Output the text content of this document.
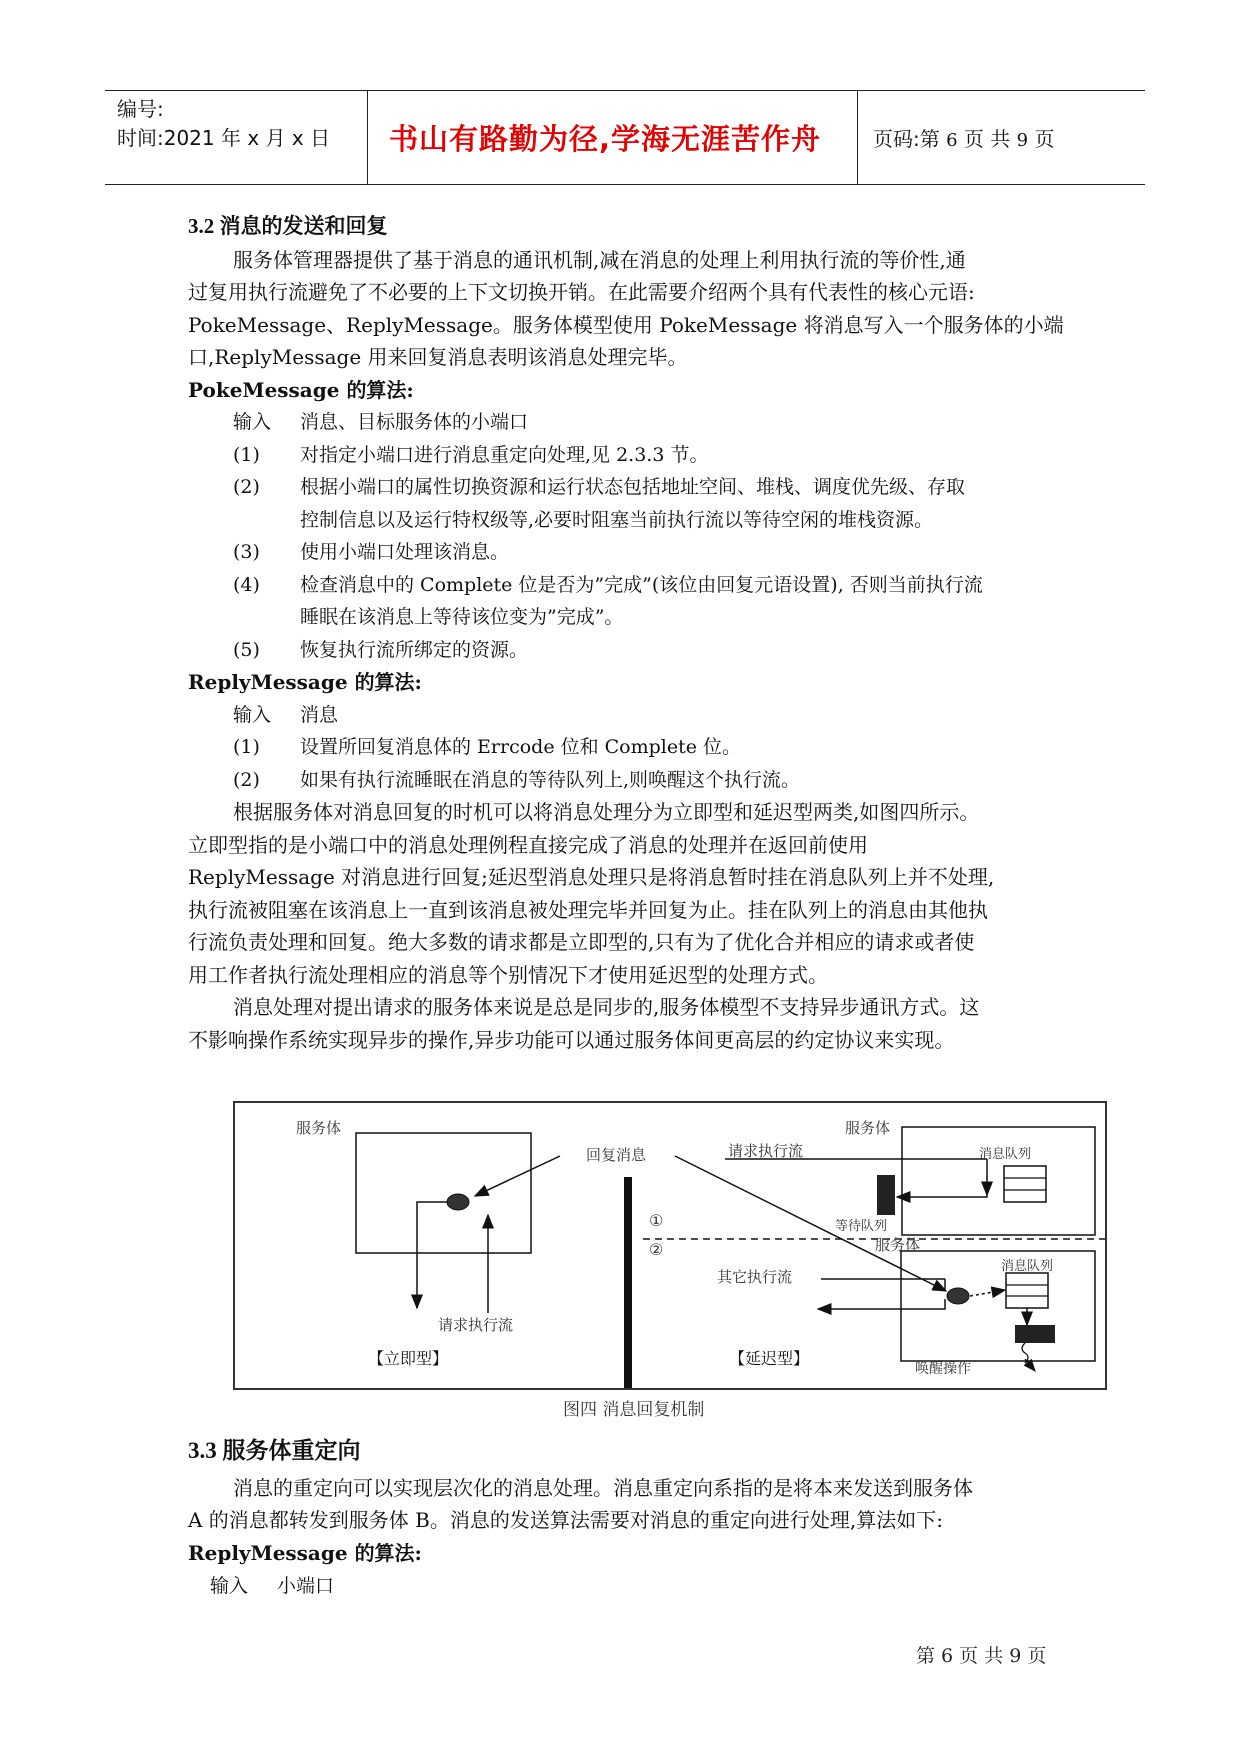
编号:
时间:2021 年 x 月 x 日	书山有路勤为径,学海无涯苦作舟	页码:第 6 页 共 9 页
3.2 消息的发送和回复
服务体管理器提供了基于消息的通讯机制,减在消息的处理上利用执行流的等价性,通
过复用执行流避免了不必要的上下文切换开销。在此需要介绍两个具有代表性的核心元语:
PokeMessage、ReplyMessage。服务体模型使用 PokeMessage 将消息写入一个服务体的小端
口,ReplyMessage 用来回复消息表明该消息处理完毕。
PokeMessage 的算法:
输入 消息、目标服务体的小端口
(1) 对指定小端口进行消息重定向处理,见 2.3.3 节。
(2) 根据小端口的属性切换资源和运行状态包括地址空间、堆栈、调度优先级、存取
控制信息以及运行特权级等,必要时阻塞当前执行流以等待空闲的堆栈资源。
(3) 使用小端口处理该消息。
(4) 检查消息中的 Complete 位是否为”完成”(该位由回复元语设置), 否则当前执行流
睡眠在该消息上等待该位变为”完成”。
(5) 恢复执行流所绑定的资源。
ReplyMessage 的算法:
输入 消息
(1) 设置所回复消息体的 Errcode 位和 Complete 位。
(2) 如果有执行流睡眠在消息的等待队列上,则唤醒这个执行流。
根据服务体对消息回复的时机可以将消息处理分为立即型和延迟型两类,如图四所示。
立即型指的是小端口中的消息处理例程直接完成了消息的处理并在返回前使用
ReplyMessage 对消息进行回复;延迟型消息处理只是将消息暂时挂在消息队列上并不处理,
执行流被阻塞在该消息上一直到该消息被处理完毕并回复为止。挂在队列上的消息由其他执
行流负责处理和回复。绝大多数的请求都是立即型的,只有为了优化合并相应的请求或者使
用工作者执行流处理相应的消息等个别情况下才使用延迟型的处理方式。
消息处理对提出请求的服务体来说是总是同步的,服务体模型不支持异步通讯方式。这
不影响操作系统实现异步的操作,异步功能可以通过服务体间更高层的约定协议来实现。
服务体
回复消息
请求执行流
【立即型】
服务体
请求执行流	消息队列
等待队列
①
②	服务体
其它执行流
消息队列
【延迟型】
唤醒操作
图四 消息回复机制
3.3 服务体重定向
消息的重定向可以实现层次化的消息处理。消息重定向系指的是将本来发送到服务体
A 的消息都转发到服务体 B。消息的发送算法需要对消息的重定向进行处理,算法如下:
ReplyMessage 的算法:
输入 小端口
第 6 页 共 9 页
